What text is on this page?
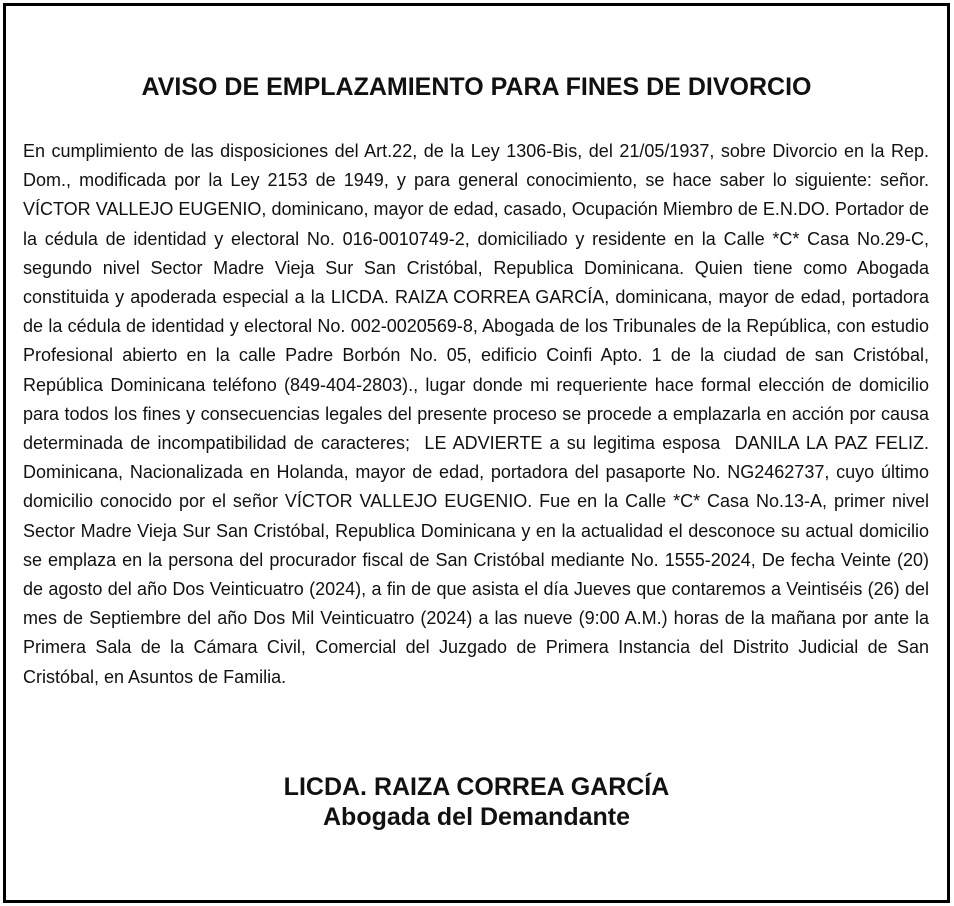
AVISO DE EMPLAZAMIENTO PARA FINES DE DIVORCIO

En cumplimiento de las disposiciones del Art.22, de la Ley 1306-Bis, del 21/05/1937, sobre Divorcio en la Rep. Dom., modificada por la Ley 2153 de 1949, y para general conocimiento, se hace saber lo siguiente: señor. VÍCTOR VALLEJO EUGENIO, dominicano, mayor de edad, casado, Ocupación Miembro de E.N.DO. Portador de la cédula de identidad y electoral No. 016-0010749-2, domiciliado y residente en la Calle *C* Casa No.29-C, segundo nivel Sector Madre Vieja Sur San Cristóbal, Republica Dominicana. Quien tiene como Abogada constituida y apoderada especial a la LICDA. RAIZA CORREA GARCÍA, dominicana, mayor de edad, portadora de la cédula de identidad y electoral No. 002-0020569-8, Abogada de los Tribunales de la República, con estudio Profesional abierto en la calle Padre Borbón No. 05, edificio Coinfi Apto. 1 de la ciudad de san Cristóbal, República Dominicana teléfono (849-404-2803)., lugar donde mi requeriente hace formal elección de domicilio para todos los fines y consecuencias legales del presente proceso se procede a emplazarla en acción por causa determinada de incompatibilidad de caracteres;  LE ADVIERTE a su legitima esposa  DANILA LA PAZ FELIZ. Dominicana, Nacionalizada en Holanda, mayor de edad, portadora del pasaporte No. NG2462737, cuyo último domicilio conocido por el señor VÍCTOR VALLEJO EUGENIO. Fue en la Calle *C* Casa No.13-A, primer nivel Sector Madre Vieja Sur San Cristóbal, Republica Dominicana y en la actualidad el desconoce su actual domicilio se emplaza en la persona del procurador fiscal de San Cristóbal mediante No. 1555-2024, De fecha Veinte (20) de agosto del año Dos Veinticuatro (2024), a fin de que asista el día Jueves que contaremos a Veintiséis (26) del mes de Septiembre del año Dos Mil Veinticuatro (2024) a las nueve (9:00 A.M.) horas de la mañana por ante la Primera Sala de la Cámara Civil, Comercial del Juzgado de Primera Instancia del Distrito Judicial de San Cristóbal, en Asuntos de Familia.

LICDA. RAIZA CORREA GARCÍA
Abogada del Demandante
